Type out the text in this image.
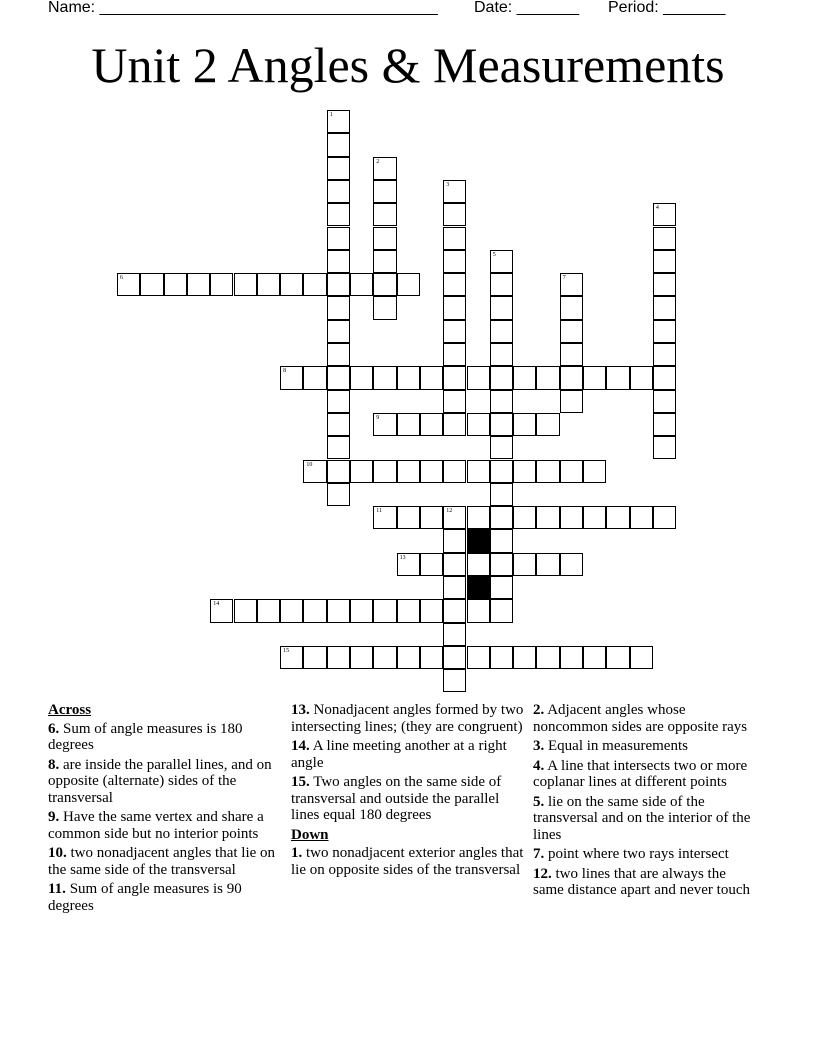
Name: ______________________________________

Date: _______

Period: _______

Unit 2 Angles & Measurements
1
2
3
4
5
7
6
8
9
10
11	12
13
14
15
Across
6. Sum of angle measures is 180 degrees
8. are inside the parallel lines, and on opposite (alternate) sides of the transversal
9. Have the same vertex and share a common side but no interior points
10. two nonadjacent angles that lie on the same side of the transversal
11. Sum of angle measures is 90 degrees
13. Nonadjacent angles formed by two intersecting lines; (they are congruent)
14. A line meeting another at a right angle
15. Two angles on the same side of transversal and outside the parallel lines equal 180 degrees
Down
1. two nonadjacent exterior angles that lie on opposite sides of the transversal
2. Adjacent angles whose noncommon sides are opposite rays
3. Equal in measurements
4. A line that intersects two or more coplanar lines at different points
5. lie on the same side of the transversal and on the interior of the lines
7. point where two rays intersect
12. two lines that are always the same distance apart and never touch
